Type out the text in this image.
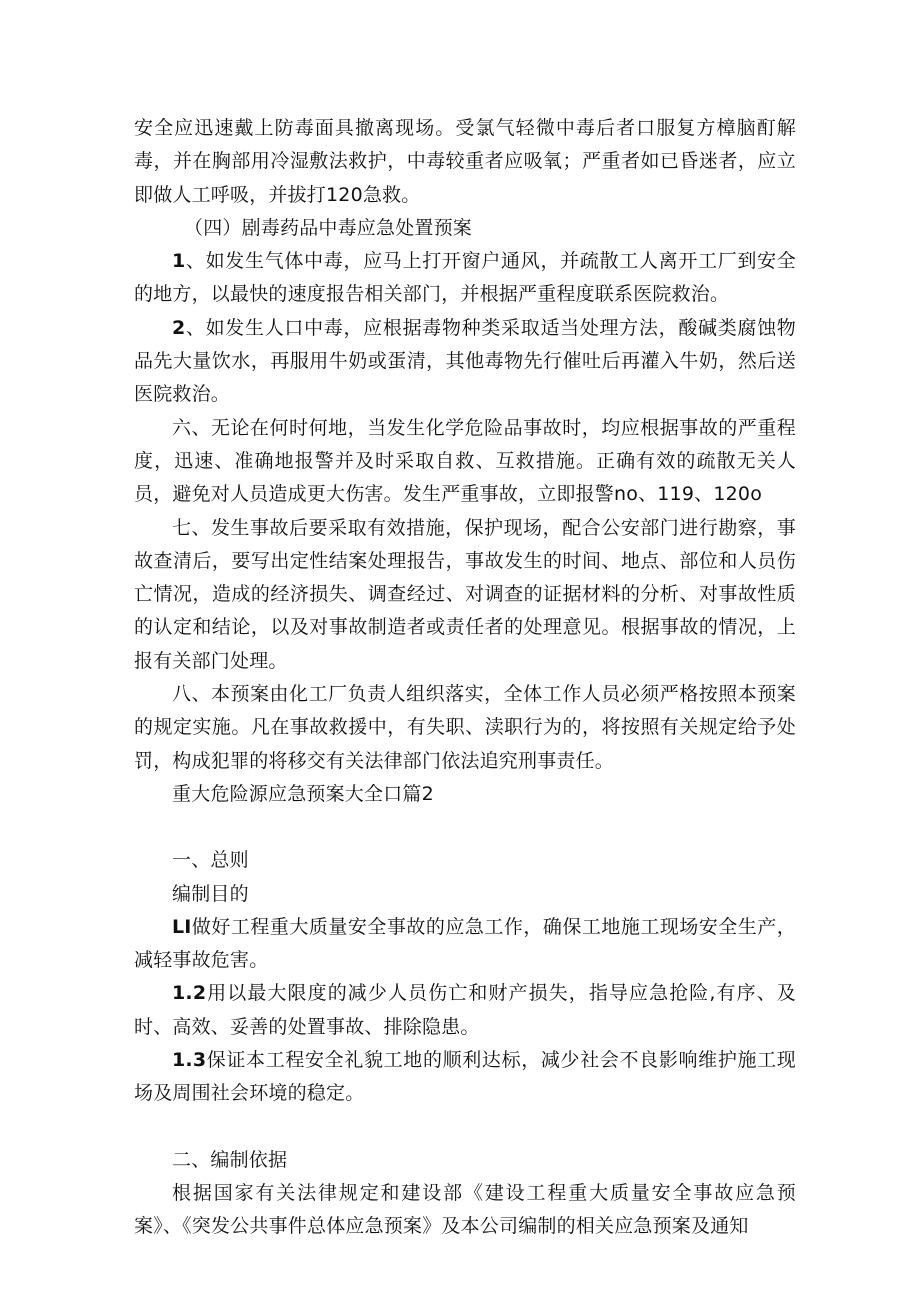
安全应迅速戴上防毒面具撤离现场。受氯气轻微中毒后者口服复方樟脑酊解毒，并在胸部用冷湿敷法救护，中毒较重者应吸氧；严重者如已昏迷者，应立即做人工呼吸，并拔打120急救。

（四）剧毒药品中毒应急处置预案

1、如发生气体中毒，应马上打开窗户通风，并疏散工人离开工厂到安全的地方，以最快的速度报告相关部门，并根据严重程度联系医院救治。

2、如发生人口中毒，应根据毒物种类采取适当处理方法，酸碱类腐蚀物品先大量饮水，再服用牛奶或蛋清，其他毒物先行催吐后再灌入牛奶，然后送医院救治。

六、无论在何时何地，当发生化学危险品事故时，均应根据事故的严重程度，迅速、准确地报警并及时采取自救、互救措施。正确有效的疏散无关人员，避免对人员造成更大伤害。发生严重事故，立即报警no、119、120o

七、发生事故后要采取有效措施，保护现场，配合公安部门进行勘察，事故查清后，要写出定性结案处理报告，事故发生的时间、地点、部位和人员伤亡情况，造成的经济损失、调查经过、对调查的证据材料的分析、对事故性质的认定和结论，以及对事故制造者或责任者的处理意见。根据事故的情况，上报有关部门处理。

八、本预案由化工厂负责人组织落实，全体工作人员必须严格按照本预案的规定实施。凡在事故救援中，有失职、渎职行为的，将按照有关规定给予处罚，构成犯罪的将移交有关法律部门依法追究刑事责任。

重大危险源应急预案大全口篇2

一、总则

编制目的

LI做好工程重大质量安全事故的应急工作，确保工地施工现场安全生产，减轻事故危害。

1.2用以最大限度的减少人员伤亡和财产损失，指导应急抢险,有序、及时、高效、妥善的处置事故、排除隐患。

1.3保证本工程安全礼貌工地的顺利达标，减少社会不良影响维护施工现场及周围社会环境的稳定。

二、编制依据

根据国家有关法律规定和建设部《建设工程重大质量安全事故应急预案》、《突发公共事件总体应急预案》及本公司编制的相关应急预案及通知
